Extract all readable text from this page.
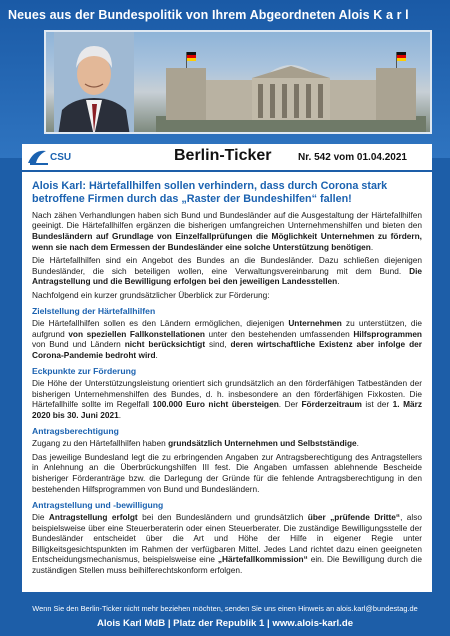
Neues aus der Bundespolitik von Ihrem Abgeordneten Alois K a r l
CSU	Berlin-Ticker	Nr. 542 vom 01.04.2021
Alois Karl: Härtefallhilfen sollen verhindern, dass durch Corona stark betroffene Firmen durch das „Raster der Bundeshilfen“ fallen!

Nach zähen Verhandlungen haben sich Bund und Bundesländer auf die Ausgestaltung der Härtefallhilfen geeinigt. Die Härtefallhilfen ergänzen die bisherigen umfangreichen Unternehmenshilfen und bieten den Bundesländern auf Grundlage von Einzelfallprüfungen die Möglichkeit Unternehmen zu fördern, wenn sie nach dem Ermessen der Bundesländer eine solche Unterstützung benötigen.

Die Härtefallhilfen sind ein Angebot des Bundes an die Bundesländer. Dazu schließen diejenigen Bundesländer, die sich beteiligen wollen, eine Verwaltungsvereinbarung mit dem Bund. Die Antragstellung und die Bewilligung erfolgen bei den jeweiligen Landesstellen.

Nachfolgend ein kurzer grundsätzlicher Überblick zur Förderung:

Zielstellung der Härtefallhilfen

Die Härtefallhilfen sollen es den Ländern ermöglichen, diejenigen Unternehmen zu unterstützen, die aufgrund von speziellen Fallkonstellationen unter den bestehenden umfassenden Hilfsprogrammen von Bund und Ländern nicht berücksichtigt sind, deren wirtschaftliche Existenz aber infolge der Corona-Pandemie bedroht wird.

Eckpunkte zur Förderung

Die Höhe der Unterstützungsleistung orientiert sich grundsätzlich an den förderfähigen Tatbeständen der bisherigen Unternehmenshilfen des Bundes, d. h. insbesondere an den förderfähigen Fixkosten. Die Härtefallhilfe sollte im Regelfall 100.000 Euro nicht übersteigen. Der Förderzeitraum ist der 1. März 2020 bis 30. Juni 2021.

Antragsberechtigung

Zugang zu den Härtefallhilfen haben grundsätzlich Unternehmen und Selbstständige.

Das jeweilige Bundesland legt die zu erbringenden Angaben zur Antragsberechtigung des Antragstellers in Anlehnung an die Überbrückungshilfen III fest. Die Angaben umfassen ablehnende Bescheide bisheriger Förderanträge bzw. die Darlegung der Gründe für die fehlende Antragsberechtigung in den bestehenden Hilfsprogrammen von Bund und Bundesländern.

Antragstellung und -bewilligung

Die Antragstellung erfolgt bei den Bundesländern und grundsätzlich über „prüfende Dritte“, also beispielsweise über eine Steuerberaterin oder einen Steuerberater. Die zuständige Bewilligungsstelle der Bundesländer entscheidet über die Art und Höhe der Hilfe in eigener Regie unter Billigkeitsgesichtspunkten im Rahmen der verfügbaren Mittel. Jedes Land richtet dazu einen geeigneten Entscheidungsmechanismus, beispielsweise eine „Härtefallkommission“ ein. Die Bewilligung durch die zuständigen Stellen muss beihilferechtskonform erfolgen.

Wenn Sie den Berlin-Ticker nicht mehr beziehen möchten, senden Sie uns einen Hinweis an alois.karl@bundestag.de
Alois Karl MdB | Platz der Republik 1 | www.alois-karl.de
